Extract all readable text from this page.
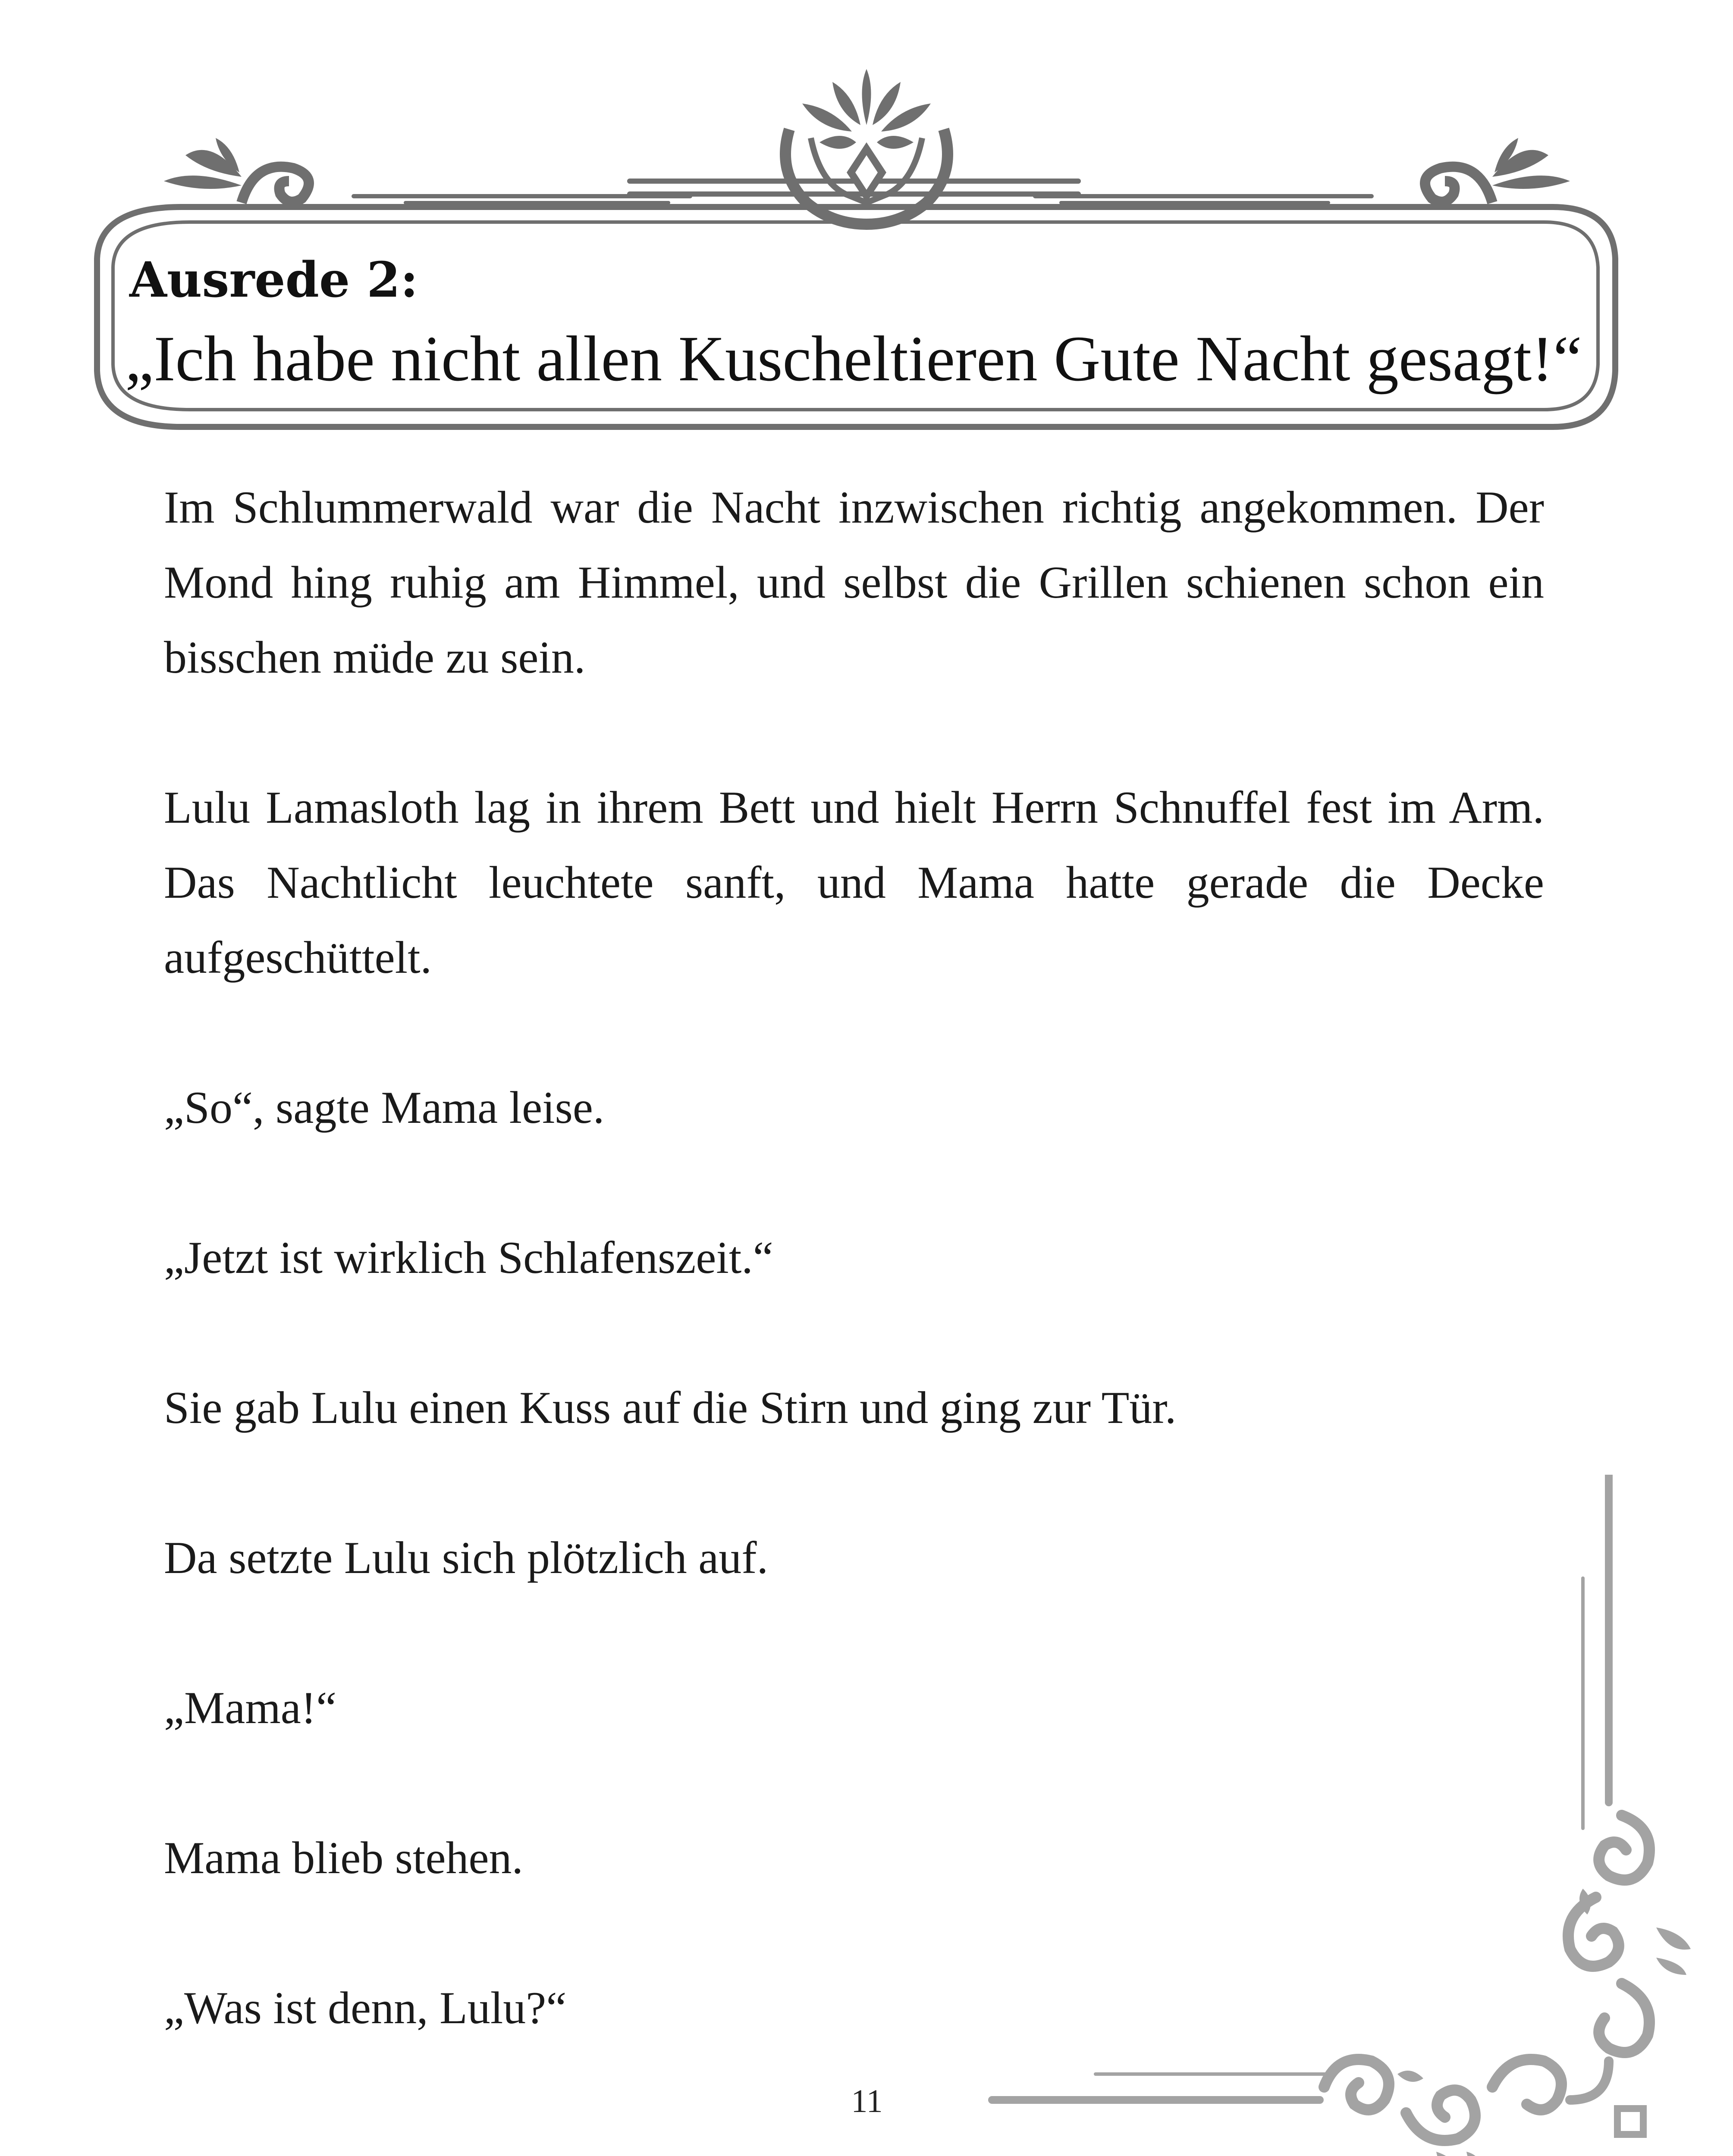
Ausrede 2:
„Ich habe nicht allen Kuscheltieren Gute Nacht gesagt!“

Im Schlummerwald war die Nacht inzwischen richtig angekommen. Der Mond hing ruhig am Himmel, und selbst die Grillen schienen schon ein bisschen müde zu sein.

Lulu Lamasloth lag in ihrem Bett und hielt Herrn Schnuffel fest im Arm. Das Nachtlicht leuchtete sanft, und Mama hatte gerade die Decke aufgeschüttelt.

„So“, sagte Mama leise.

„Jetzt ist wirklich Schlafenszeit.“

Sie gab Lulu einen Kuss auf die Stirn und ging zur Tür.

Da setzte Lulu sich plötzlich auf.

„Mama!“

Mama blieb stehen.

„Was ist denn, Lulu?“

11
